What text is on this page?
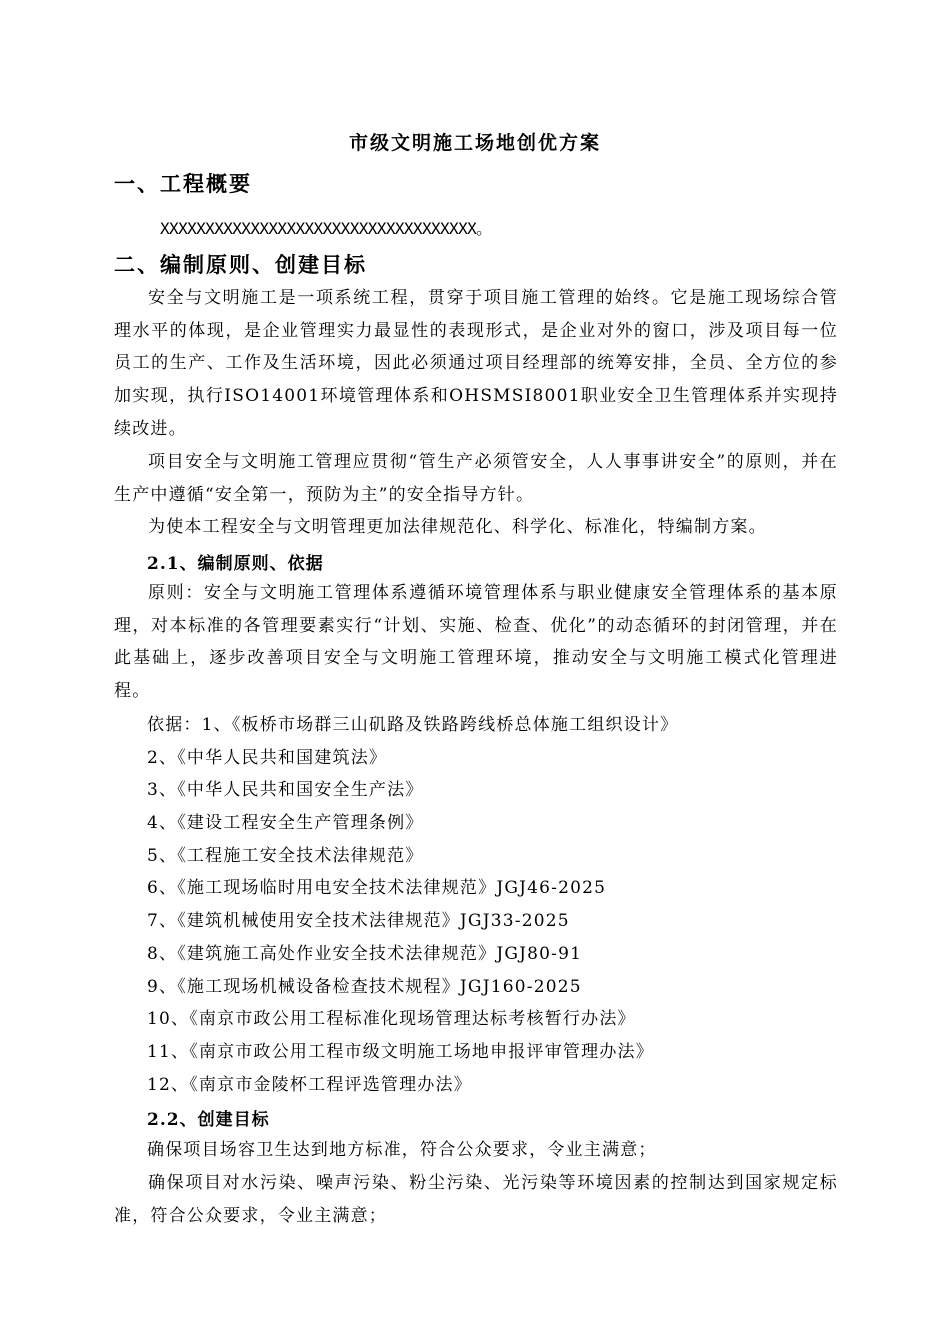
市级文明施工场地创优方案
一、工程概要
XXXXXXXXXXXXXXXXXXXXXXXXXXXXXXXXXXX。
二、编制原则、创建目标

安全与文明施工是一项系统工程，贯穿于项目施工管理的始终。它是施工现场综合管理水平的体现，是企业管理实力最显性的表现形式，是企业对外的窗口，涉及项目每一位员工的生产、工作及生活环境，因此必须通过项目经理部的统筹安排，全员、全方位的参加实现，执行ISO14001环境管理体系和OHSMSI8001职业安全卫生管理体系并实现持续改进。

项目安全与文明施工管理应贯彻“管生产必须管安全，人人事事讲安全”的原则，并在生产中遵循“安全第一，预防为主”的安全指导方针。

为使本工程安全与文明管理更加法律规范化、科学化、标准化，特编制方案。

2.1、编制原则、依据

原则：安全与文明施工管理体系遵循环境管理体系与职业健康安全管理体系的基本原理，对本标准的各管理要素实行“计划、实施、检查、优化”的动态循环的封闭管理，并在此基础上，逐步改善项目安全与文明施工管理环境，推动安全与文明施工模式化管理进程。

依据：1、《板桥市场群三山矶路及铁路跨线桥总体施工组织设计》
2、《中华人民共和国建筑法》
3、《中华人民共和国安全生产法》
4、《建设工程安全生产管理条例》
5、《工程施工安全技术法律规范》
6、《施工现场临时用电安全技术法律规范》JGJ46-2025
7、《建筑机械使用安全技术法律规范》JGJ33-2025
8、《建筑施工高处作业安全技术法律规范》JGJ80-91
9、《施工现场机械设备检查技术规程》JGJ160-2025
10、《南京市政公用工程标准化现场管理达标考核暂行办法》
11、《南京市政公用工程市级文明施工场地申报评审管理办法》
12、《南京市金陵杯工程评选管理办法》
2.2、创建目标
确保项目场容卫生达到地方标准，符合公众要求，令业主满意；

确保项目对水污染、噪声污染、粉尘污染、光污染等环境因素的控制达到国家规定标准，符合公众要求，令业主满意；
